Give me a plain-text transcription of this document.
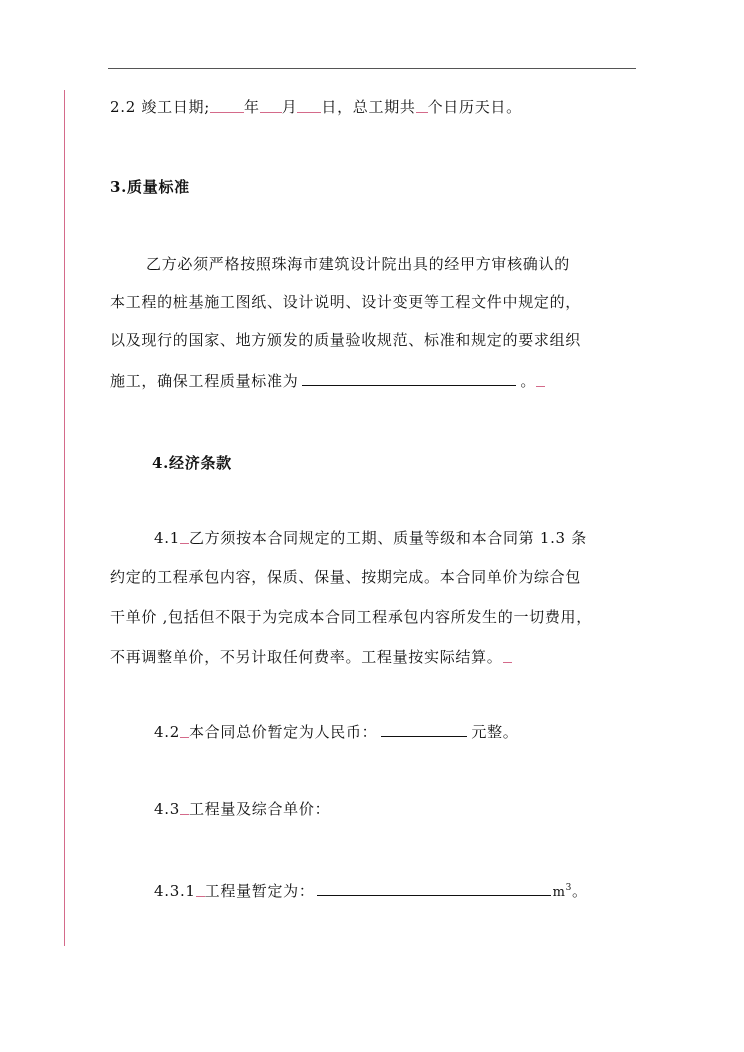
2.2 竣工日期; 年 月 日，总工期共 个日历天日。
3.质量标准
乙方必须严格按照珠海市建筑设计院出具的经甲方审核确认的
本工程的桩基施工图纸、设计说明、设计变更等工程文件中规定的，
以及现行的国家、地方颁发的质量验收规范、标准和规定的要求组织
施工，确保工程质量标准为	。
4.经济条款
4.1 乙方须按本合同规定的工期、质量等级和本合同第 1.3 条
约定的工程承包内容，保质、保量、按期完成。本合同单价为综合包
干单价 ,包括但不限于为完成本合同工程承包内容所发生的一切费用，
不再调整单价，不另计取任何费率。工程量按实际结算。
4.2 本合同总价暂定为人民币：	元整。
4.3 工程量及综合单价：
4.3.1 工程量暂定为：	$m^3$。
